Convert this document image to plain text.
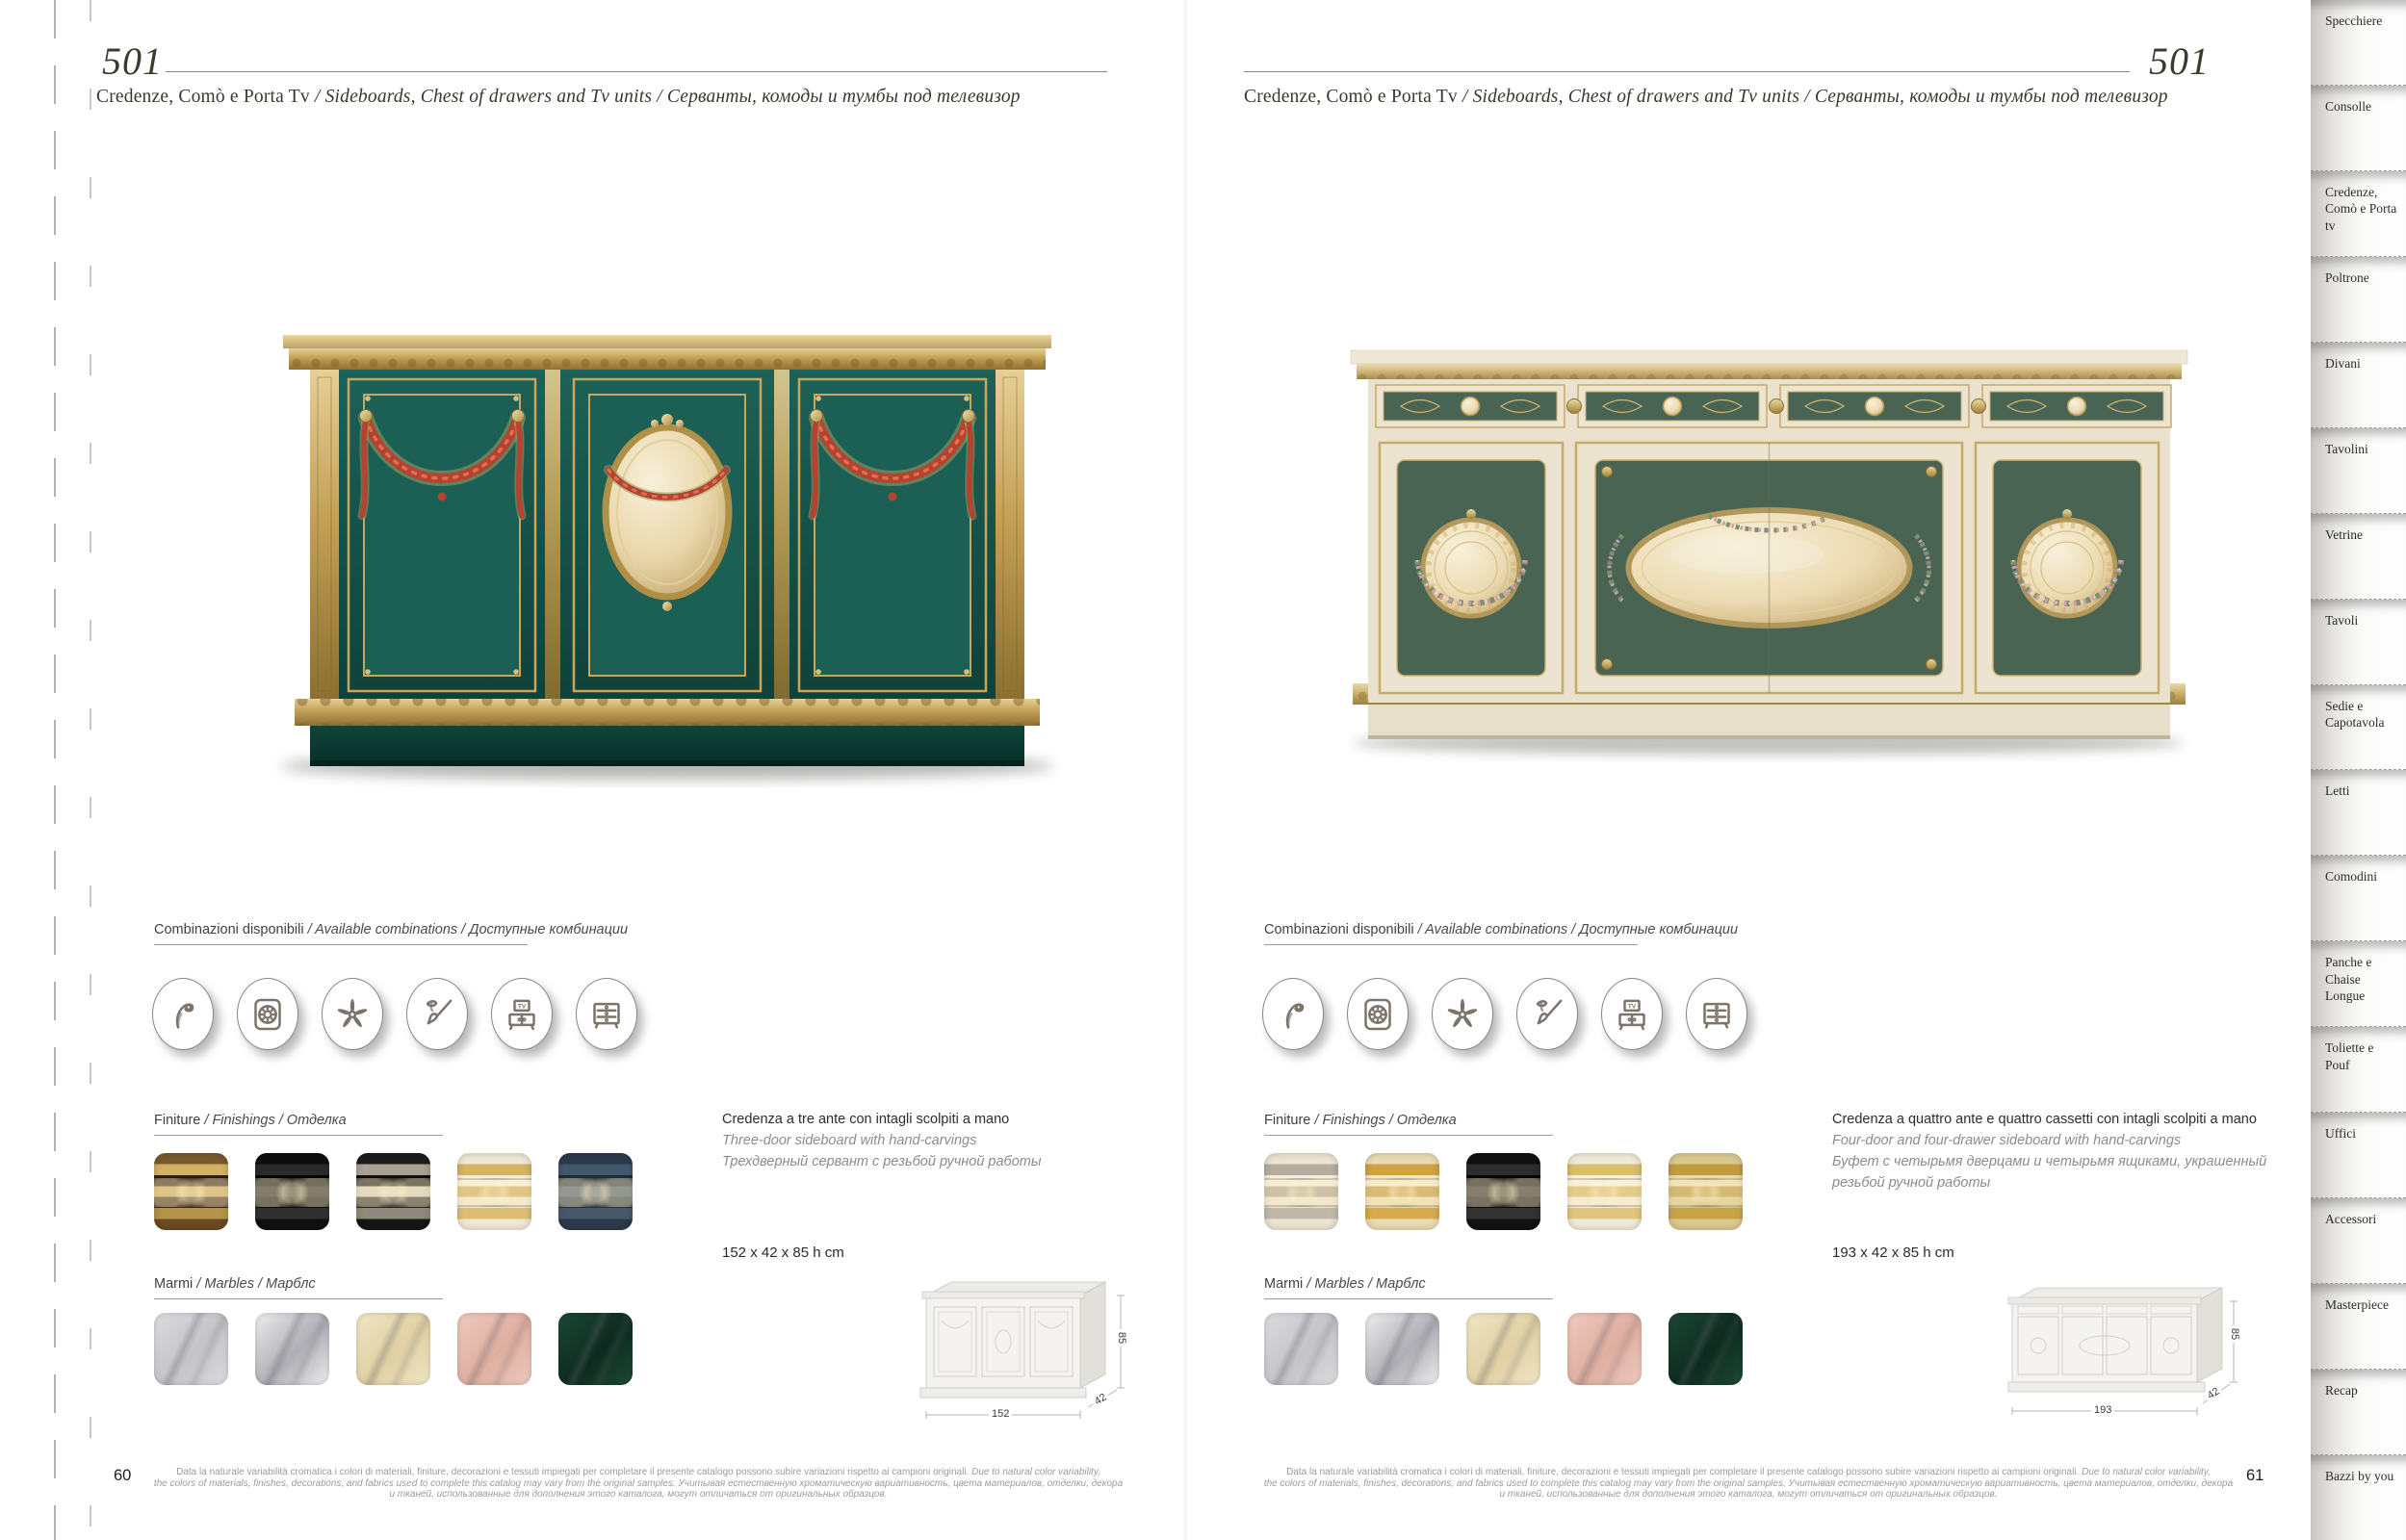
501

Credenze, Comò e Porta Tv / Sideboards, Chest of drawers and Tv units / Серванты, комоды и тумбы под телевизор

Combinazioni disponibili / Available combinations / Доступные комбинации
TV
Finiture / Finishings / Отделка
Marmi / Marbles / Марблс
Credenza a tre ante con intagli scolpiti a mano
Three-door sideboard with hand-carvings
Трехдверный сервант с резьбой ручной работы
152 x 42 x 85 h cm
152
42
85
Data la naturale variabilità cromatica i colori di materiali, finiture, decorazioni e tessuti impiegati per completare il presente catalogo possono subire variazioni rispetto ai campioni originali. Due to natural color variability,
the colors of materials, finishes, decorations, and fabrics used to complete this catalog may vary from the original samples. Учитывая естественную хроматическую вариативность, цвета материалов, отделки, декора
и тканей, использованные для дополнения этого каталога, могут отличаться от оригинальных образцов.
60
501

Credenze, Comò e Porta Tv / Sideboards, Chest of drawers and Tv units / Серванты, комоды и тумбы под телевизор

Combinazioni disponibili / Available combinations / Доступные комбинации
TV
Finiture / Finishings / Отделка
Marmi / Marbles / Марблс
Credenza a quattro ante e quattro cassetti con intagli scolpiti a mano
Four-door and four-drawer sideboard with hand-carvings
Буфет с четырьмя дверцами и четырьмя ящиками, украшенный резьбой ручной работы
193 x 42 x 85 h cm
193
42
85
Data la naturale variabilità cromatica i colori di materiali, finiture, decorazioni e tessuti impiegati per completare il presente catalogo possono subire variazioni rispetto ai campioni originali. Due to natural color variability,
the colors of materials, finishes, decorations, and fabrics used to complete this catalog may vary from the original samples. Учитывая естественную хроматическую вариативность, цвета материалов, отделки, декора
и тканей, использованные для дополнения этого каталога, могут отличаться от оригинальных образцов.
61
Specchiere
Consolle
Credenze, Comò e Porta tv
Poltrone
Divani
Tavolini
Vetrine
Tavoli
Sedie e Capotavola
Letti
Comodini
Panche e Chaise Longue
Toliette e Pouf
Uffici
Accessori
Masterpiece
Recap
Bazzi by you
